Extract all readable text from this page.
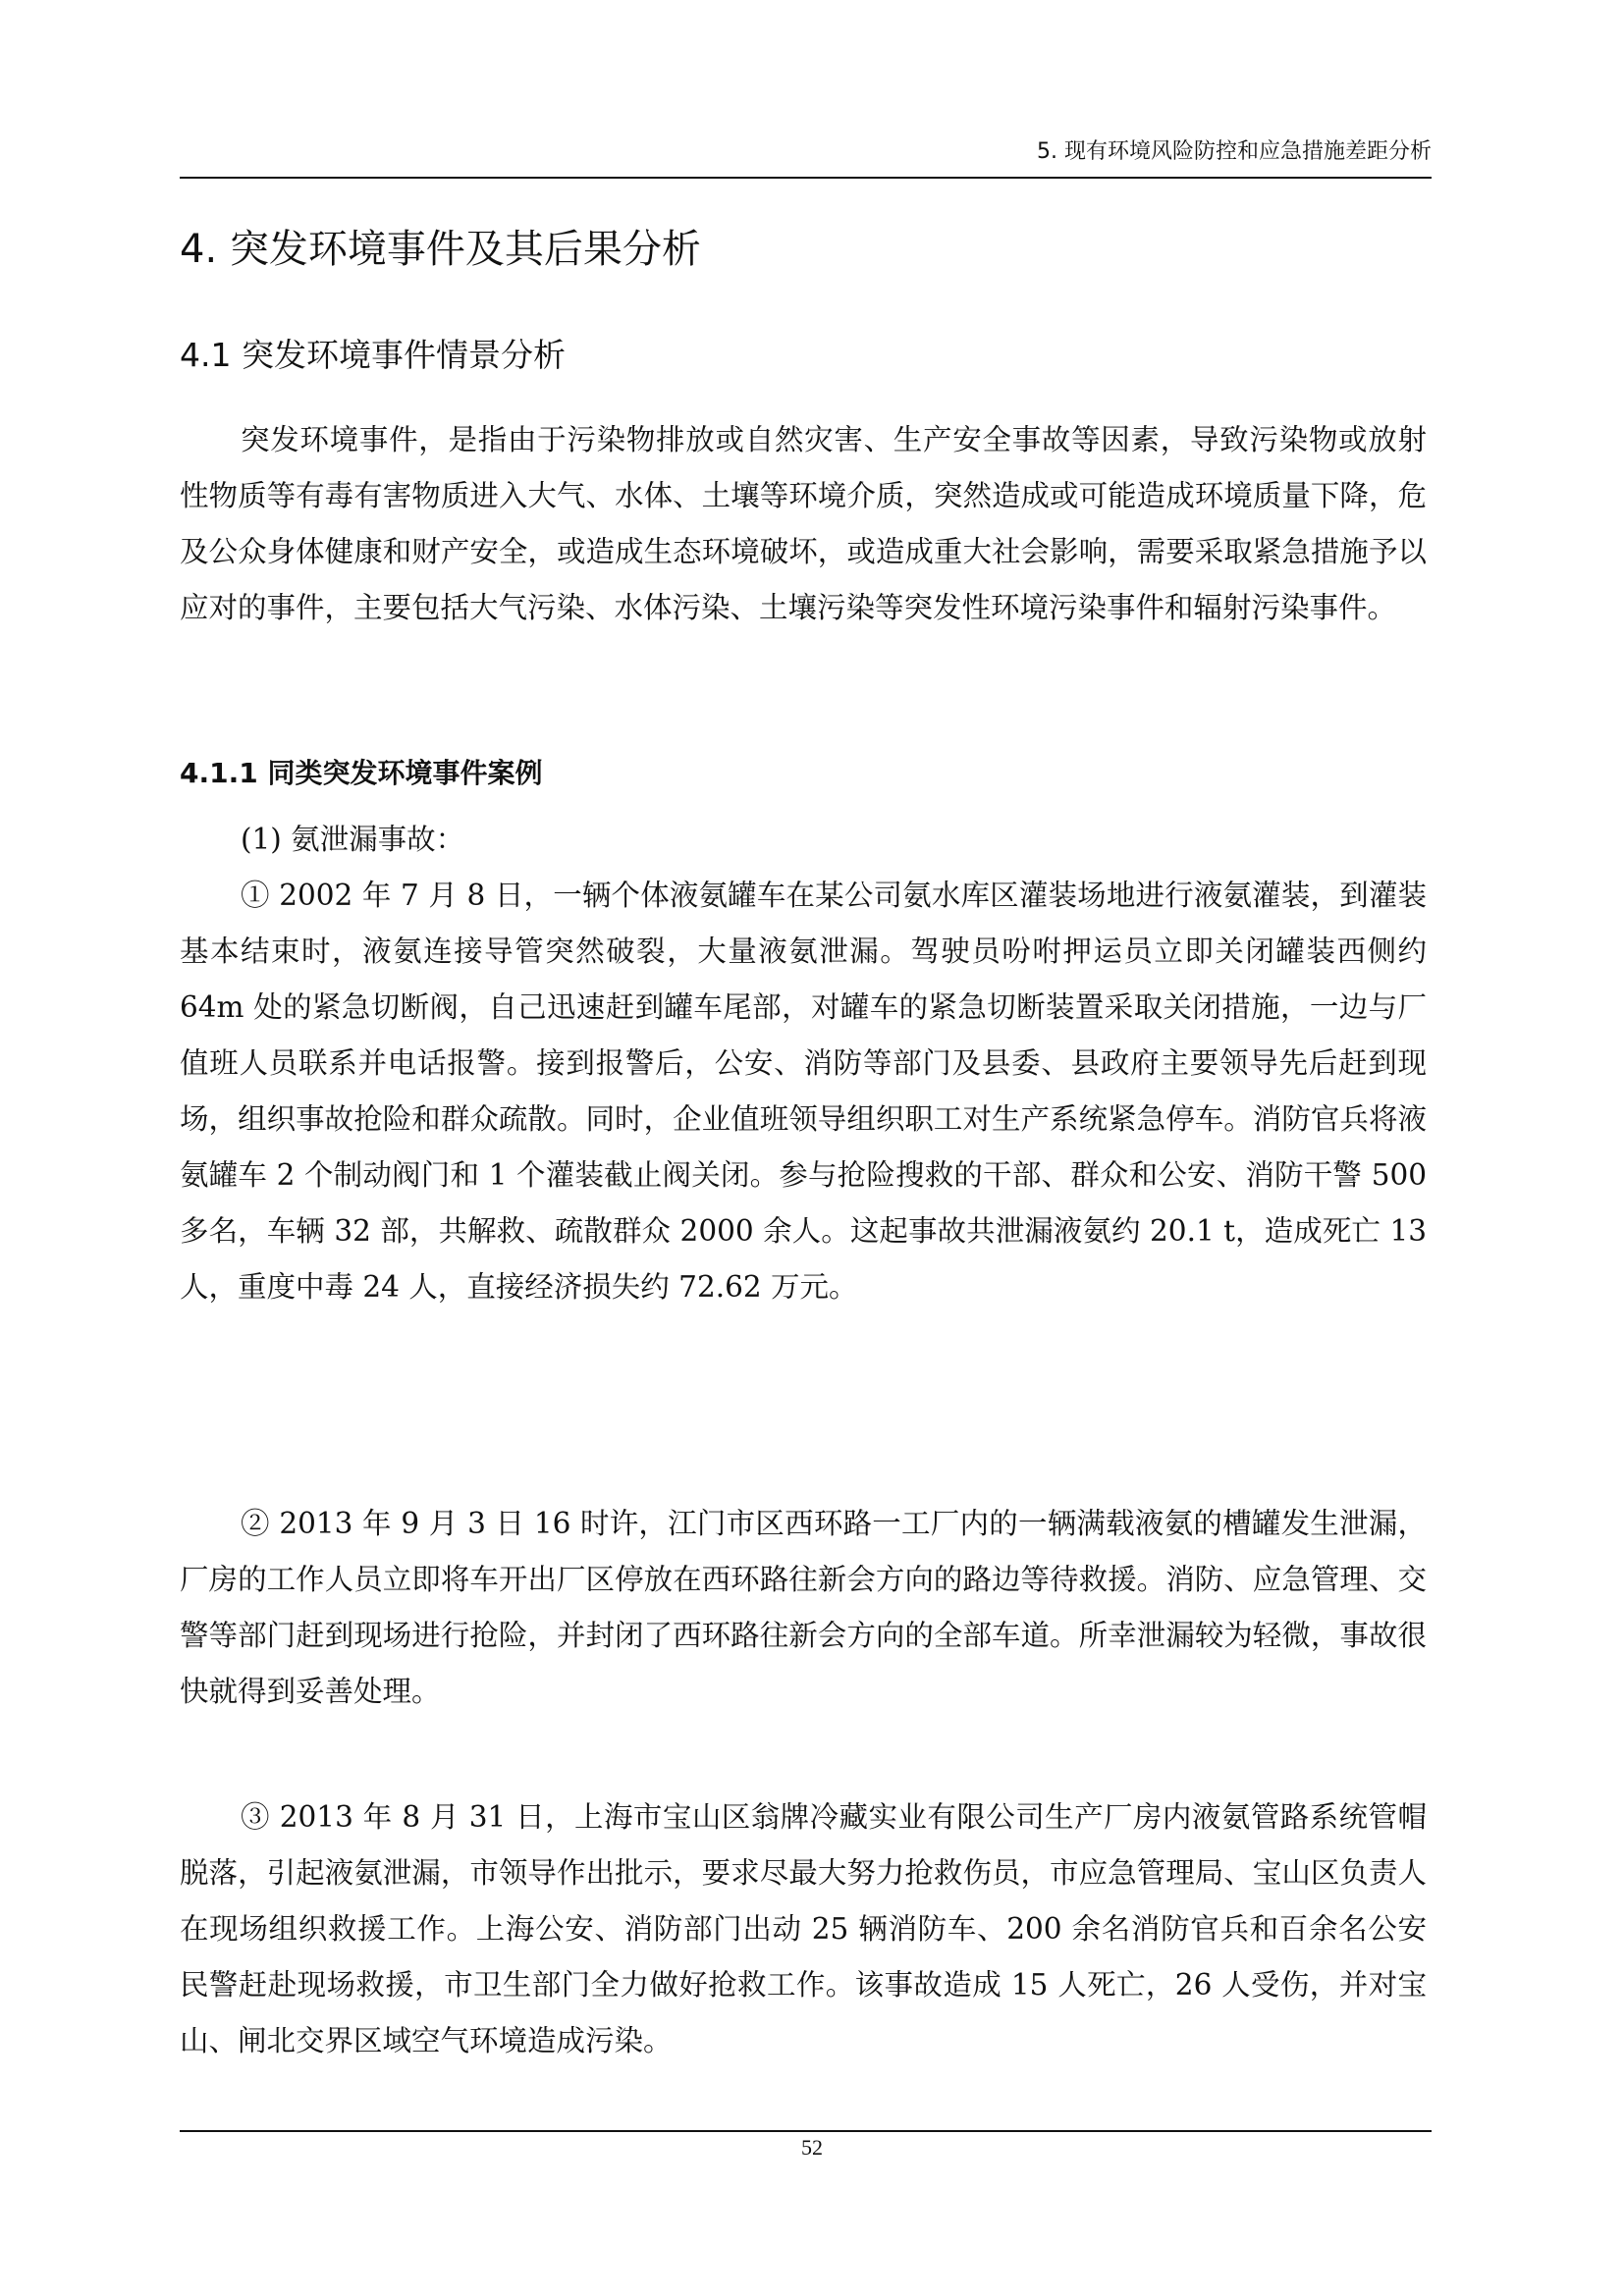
5. 现有环境风险防控和应急措施差距分析
4. 突发环境事件及其后果分析
4.1 突发环境事件情景分析

突发环境事件，是指由于污染物排放或自然灾害、生产安全事故等因素，导致污染物或放射性物质等有毒有害物质进入大气、水体、土壤等环境介质，突然造成或可能造成环境质量下降，危及公众身体健康和财产安全，或造成生态环境破坏，或造成重大社会影响，需要采取紧急措施予以应对的事件，主要包括大气污染、水体污染、土壤污染等突发性环境污染事件和辐射污染事件。

4.1.1 同类突发环境事件案例

(1) 氨泄漏事故：

① 2002 年 7 月 8 日，一辆个体液氨罐车在某公司氨水库区灌装场地进行液氨灌装，到灌装基本结束时，液氨连接导管突然破裂，大量液氨泄漏。驾驶员吩咐押运员立即关闭罐装西侧约 64m 处的紧急切断阀，自己迅速赶到罐车尾部，对罐车的紧急切断装置采取关闭措施，一边与厂值班人员联系并电话报警。接到报警后，公安、消防等部门及县委、县政府主要领导先后赶到现场，组织事故抢险和群众疏散。同时，企业值班领导组织职工对生产系统紧急停车。消防官兵将液氨罐车 2 个制动阀门和 1 个灌装截止阀关闭。参与抢险搜救的干部、群众和公安、消防干警 500 多名，车辆 32 部，共解救、疏散群众 2000 余人。这起事故共泄漏液氨约 20.1 t，造成死亡 13 人，重度中毒 24 人，直接经济损失约 72.62 万元。

② 2013 年 9 月 3 日 16 时许，江门市区西环路一工厂内的一辆满载液氨的槽罐发生泄漏，厂房的工作人员立即将车开出厂区停放在西环路往新会方向的路边等待救援。消防、应急管理、交警等部门赶到现场进行抢险，并封闭了西环路往新会方向的全部车道。所幸泄漏较为轻微，事故很快就得到妥善处理。

③ 2013 年 8 月 31 日，上海市宝山区翁牌冷藏实业有限公司生产厂房内液氨管路系统管帽脱落，引起液氨泄漏，市领导作出批示，要求尽最大努力抢救伤员，市应急管理局、宝山区负责人在现场组织救援工作。上海公安、消防部门出动 25 辆消防车、200 余名消防官兵和百余名公安民警赶赴现场救援，市卫生部门全力做好抢救工作。该事故造成 15 人死亡，26 人受伤，并对宝山、闸北交界区域空气环境造成污染。

52
